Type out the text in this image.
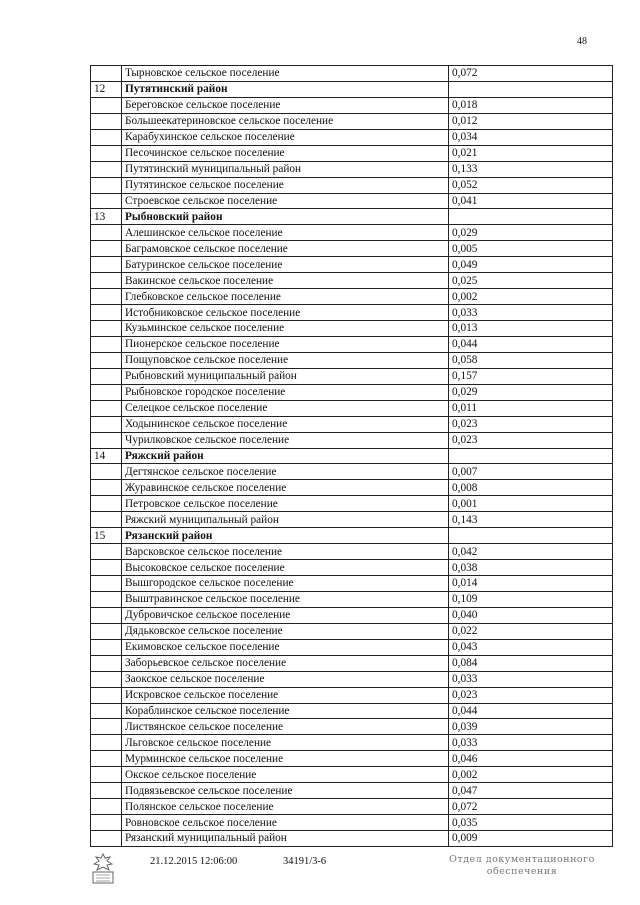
48
	Тырновское сельское поселение	0,072
12	Путятинский район	
	Береговское сельское поселение	0,018
	Большеекатериновское сельское поселение	0,012
	Карабухинское сельское поселение	0,034
	Песочинское сельское поселение	0,021
	Путятинский муниципальный район	0,133
	Путятинское сельское поселение	0,052
	Строевское сельское поселение	0,041
13	Рыбновский район	
	Алешинское сельское поселение	0,029
	Баграмовское сельское поселение	0,005
	Батуринское сельское поселение	0,049
	Вакинское сельское поселение	0,025
	Глебковское сельское поселение	0,002
	Истобниковское сельское поселение	0,033
	Кузьминское сельское поселение	0,013
	Пионерское сельское поселение	0,044
	Пощуповское сельское поселение	0,058
	Рыбновский муниципальный район	0,157
	Рыбновское городское поселение	0,029
	Селецкое сельское поселение	0,011
	Ходынинское сельское поселение	0,023
	Чурилковское сельское поселение	0,023
14	Ряжский район	
	Дегтянское сельское поселение	0,007
	Журавинское сельское поселение	0,008
	Петровское сельское поселение	0,001
	Ряжский муниципальный район	0,143
15	Рязанский район	
	Варсковское сельское поселение	0,042
	Высоковское сельское поселение	0,038
	Вышгородское сельское поселение	0,014
	Выштравинское сельское поселение	0,109
	Дубровичское сельское поселение	0,040
	Дядьковское сельское поселение	0,022
	Екимовское сельское поселение	0,043
	Заборьевское сельское поселение	0,084
	Заокское сельское поселение	0,033
	Искровское сельское поселение	0,023
	Кораблинское сельское поселение	0,044
	Листвянское сельское поселение	0,039
	Льговское сельское поселение	0,033
	Мурминское сельское поселение	0,046
	Окское сельское поселение	0,002
	Подвязьевское сельское поселение	0,047
	Полянское сельское поселение	0,072
	Ровновское сельское поселение	0,035
	Рязанский муниципальный район	0,009
21.12.2015 12:06:00	34191/3-6	Отдел документационного
обеспечения
